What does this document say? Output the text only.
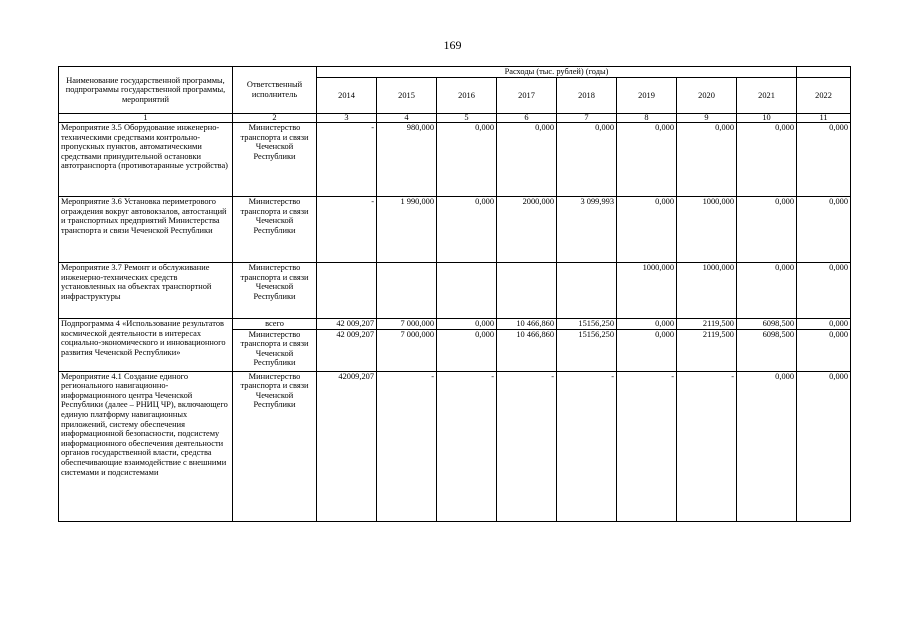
169
Наименование государственной программы, подпрограммы государственной программы, мероприятий	Ответственный исполнитель	Расходы (тыс. рублей) (годы)								
		2014	2015	2016	2017	2018	2019	2020	2021	2022
1	2	3	4	5	6	7	8	9	10	11
Мероприятие 3.5 Оборудование инженерно-техническими средствами контрольно-пропускных пунктов, автоматическими средствами принудительной остановки автотранспорта (противотаранные устройства)	Министерство транспорта и связи Чеченской Республики	-	980,000	0,000	0,000	0,000	0,000	0,000	0,000	0,000
Мероприятие 3.6 Установка периметрового ограждения вокруг автовокзалов, автостанций и транспортных предприятий Министерства транспорта и связи Чеченской Республики	Министерство транспорта и связи Чеченской Республики	-	1 990,000	0,000	2000,000	3 099,993	0,000	1000,000	0,000	0,000
Мероприятие 3.7 Ремонт и обслуживание инженерно-технических средств установленных на объектах транспортной инфраструктуры	Министерство транспорта и связи Чеченской Республики						1000,000	1000,000	0,000	0,000
Подпрограмма 4 «Использование результатов космической деятельности в интересах социально-экономического и инновационного развития Чеченской Республики»	всего	42 009,207	7 000,000	0,000	10 466,860	15156,250	0,000	2119,500	6098,500	0,000
	Министерство транспорта и связи Чеченской Республики	42 009,207	7 000,000	0,000	10 466,860	15156,250	0,000	2119,500	6098,500	0,000
Мероприятие 4.1 Создание единого регионального навигационно-информационного центра Чеченской Республики (далее – РНИЦ ЧР), включающего единую платформу навигационных приложений, систему обеспечения информационной безопасности, подсистему информационного обеспечения деятельности органов государственной власти, средства обеспечивающие взаимодействие с внешними системами и подсистемами	Министерство транспорта и связи Чеченской Республики	42009,207	-	-	-	-	-	-	0,000	0,000
